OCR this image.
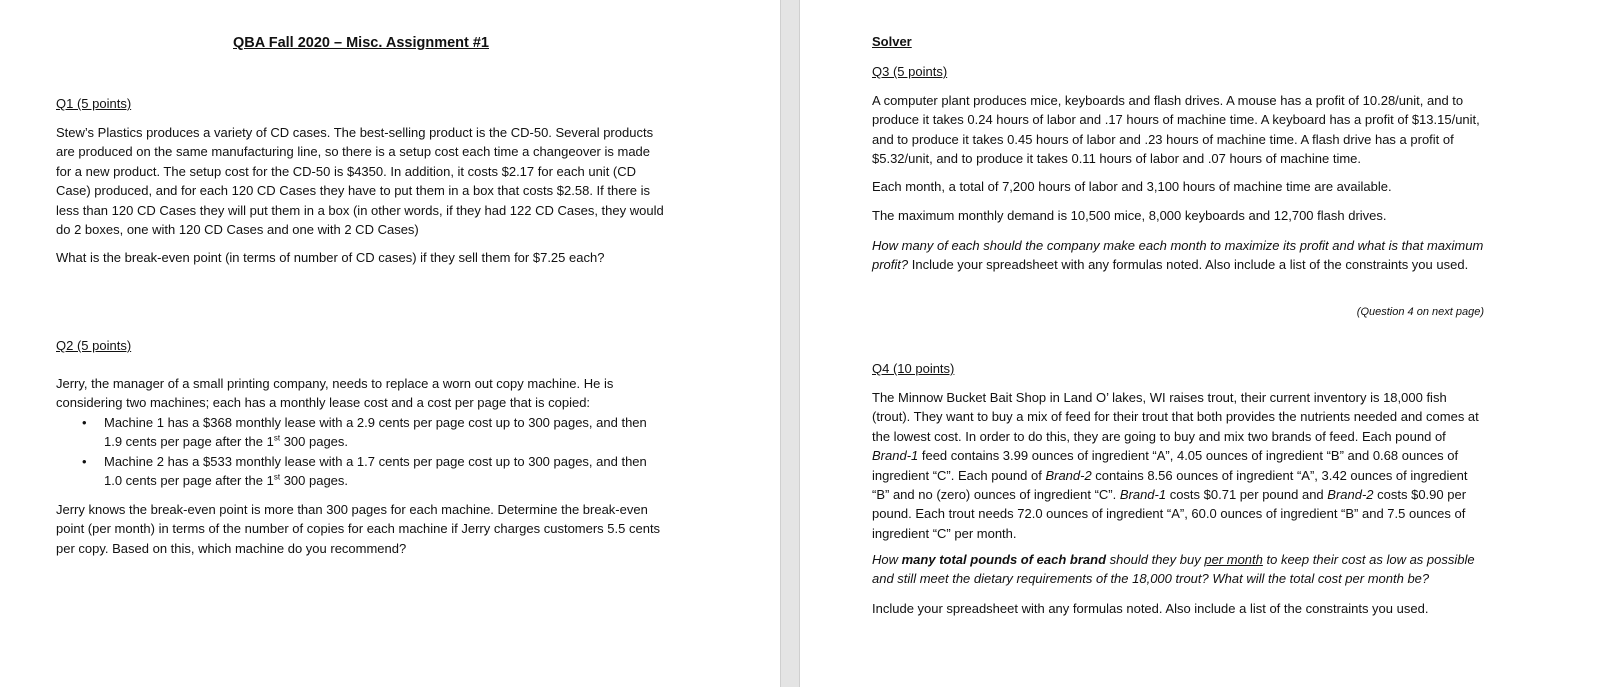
QBA Fall 2020 – Misc. Assignment #1
Q1 (5 points)
Stew’s Plastics produces a variety of CD cases. The best-selling product is the CD-50. Several products are produced on the same manufacturing line, so there is a setup cost each time a changeover is made for a new product. The setup cost for the CD-50 is $4350. In addition, it costs $2.17 for each unit (CD Case) produced, and for each 120 CD Cases they have to put them in a box that costs $2.58. If there is less than 120 CD Cases they will put them in a box (in other words, if they had 122 CD Cases, they would do 2 boxes, one with 120 CD Cases and one with 2 CD Cases)
What is the break-even point (in terms of number of CD cases) if they sell them for $7.25 each?
Q2 (5 points)
Jerry, the manager of a small printing company, needs to replace a worn out copy machine. He is considering two machines; each has a monthly lease cost and a cost per page that is copied:
• Machine 1 has a $368 monthly lease with a 2.9 cents per page cost up to 300 pages, and then 1.9 cents per page after the 1st 300 pages.
• Machine 2 has a $533 monthly lease with a 1.7 cents per page cost up to 300 pages, and then 1.0 cents per page after the 1st 300 pages.
Jerry knows the break-even point is more than 300 pages for each machine. Determine the break-even point (per month) in terms of the number of copies for each machine if Jerry charges customers 5.5 cents per copy. Based on this, which machine do you recommend?
Solver
Q3 (5 points)
A computer plant produces mice, keyboards and flash drives. A mouse has a profit of 10.28/unit, and to produce it takes 0.24 hours of labor and .17 hours of machine time. A keyboard has a profit of $13.15/unit, and to produce it takes 0.45 hours of labor and .23 hours of machine time. A flash drive has a profit of $5.32/unit, and to produce it takes 0.11 hours of labor and .07 hours of machine time.
Each month, a total of 7,200 hours of labor and 3,100 hours of machine time are available.
The maximum monthly demand is 10,500 mice, 8,000 keyboards and 12,700 flash drives.
How many of each should the company make each month to maximize its profit and what is that maximum profit? Include your spreadsheet with any formulas noted. Also include a list of the constraints you used.
(Question 4 on next page)
Q4 (10 points)
The Minnow Bucket Bait Shop in Land O’ lakes, WI raises trout, their current inventory is 18,000 fish (trout). They want to buy a mix of feed for their trout that both provides the nutrients needed and comes at the lowest cost. In order to do this, they are going to buy and mix two brands of feed. Each pound of Brand-1 feed contains 3.99 ounces of ingredient “A”, 4.05 ounces of ingredient “B” and 0.68 ounces of ingredient “C”. Each pound of Brand-2 contains 8.56 ounces of ingredient “A”, 3.42 ounces of ingredient “B” and no (zero) ounces of ingredient “C”. Brand-1 costs $0.71 per pound and Brand-2 costs $0.90 per pound. Each trout needs 72.0 ounces of ingredient “A”, 60.0 ounces of ingredient “B” and 7.5 ounces of ingredient “C” per month.
How many total pounds of each brand should they buy per month to keep their cost as low as possible and still meet the dietary requirements of the 18,000 trout? What will the total cost per month be?
Include your spreadsheet with any formulas noted. Also include a list of the constraints you used.
